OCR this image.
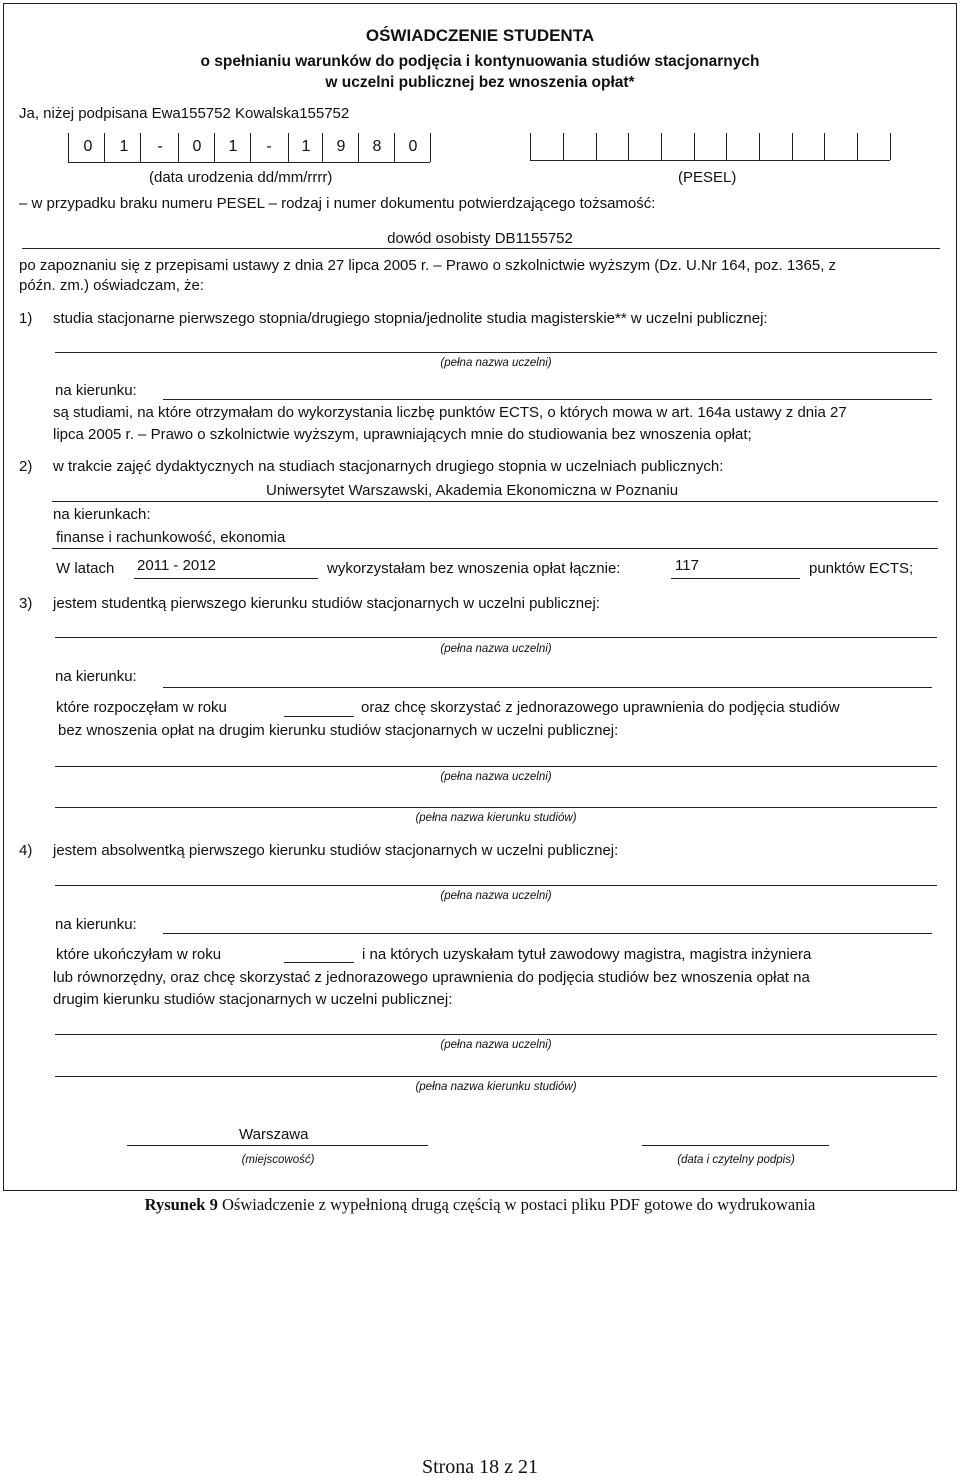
OŚWIADCZENIE STUDENTA
o spełnianiu warunków do podjęcia i kontynuowania studiów stacjonarnych
w uczelni publicznej bez wnoszenia opłat*
Ja, niżej podpisana Ewa155752 Kowalska155752
0	1	-	0	1	-	1	9	8	0
(data urodzenia dd/mm/rrrr)	(PESEL)
– w przypadku braku numeru PESEL – rodzaj i numer dokumentu potwierdzającego tożsamość:
dowód osobisty DB1155752
po zapoznaniu się z przepisami ustawy z dnia 27 lipca 2005 r. – Prawo o szkolnictwie wyższym (Dz. U.Nr 164, poz. 1365, z
późn. zm.) oświadczam, że:
1) studia stacjonarne pierwszego stopnia/drugiego stopnia/jednolite studia magisterskie** w uczelni publicznej:
(pełna nazwa uczelni)
na kierunku:
są studiami, na które otrzymałam do wykorzystania liczbę punktów ECTS, o których mowa w art. 164a ustawy z dnia 27
lipca 2005 r. – Prawo o szkolnictwie wyższym, uprawniających mnie do studiowania bez wnoszenia opłat;
2) w trakcie zajęć dydaktycznych na studiach stacjonarnych drugiego stopnia w uczelniach publicznych:
Uniwersytet Warszawski, Akademia Ekonomiczna w Poznaniu
na kierunkach:
finanse i rachunkowość, ekonomia
W latach 2011 - 2012	wykorzystałam bez wnoszenia opłat łącznie:	117	punktów ECTS;
3) jestem studentką pierwszego kierunku studiów stacjonarnych w uczelni publicznej:
(pełna nazwa uczelni)
na kierunku:
które rozpoczęłam w roku	oraz chcę skorzystać z jednorazowego uprawnienia do podjęcia studiów
bez wnoszenia opłat na drugim kierunku studiów stacjonarnych w uczelni publicznej:
(pełna nazwa uczelni)
(pełna nazwa kierunku studiów)
4) jestem absolwentką pierwszego kierunku studiów stacjonarnych w uczelni publicznej:
(pełna nazwa uczelni)
na kierunku:
które ukończyłam w roku	i na których uzyskałam tytuł zawodowy magistra, magistra inżyniera
lub równorzędny, oraz chcę skorzystać z jednorazowego uprawnienia do podjęcia studiów bez wnoszenia opłat na
drugim kierunku studiów stacjonarnych w uczelni publicznej:
(pełna nazwa uczelni)
(pełna nazwa kierunku studiów)
Warszawa
(miejscowość)	(data i czytelny podpis)
Rysunek 9 Oświadczenie z wypełnioną drugą częścią w postaci pliku PDF gotowe do wydrukowania
Strona 18 z 21
